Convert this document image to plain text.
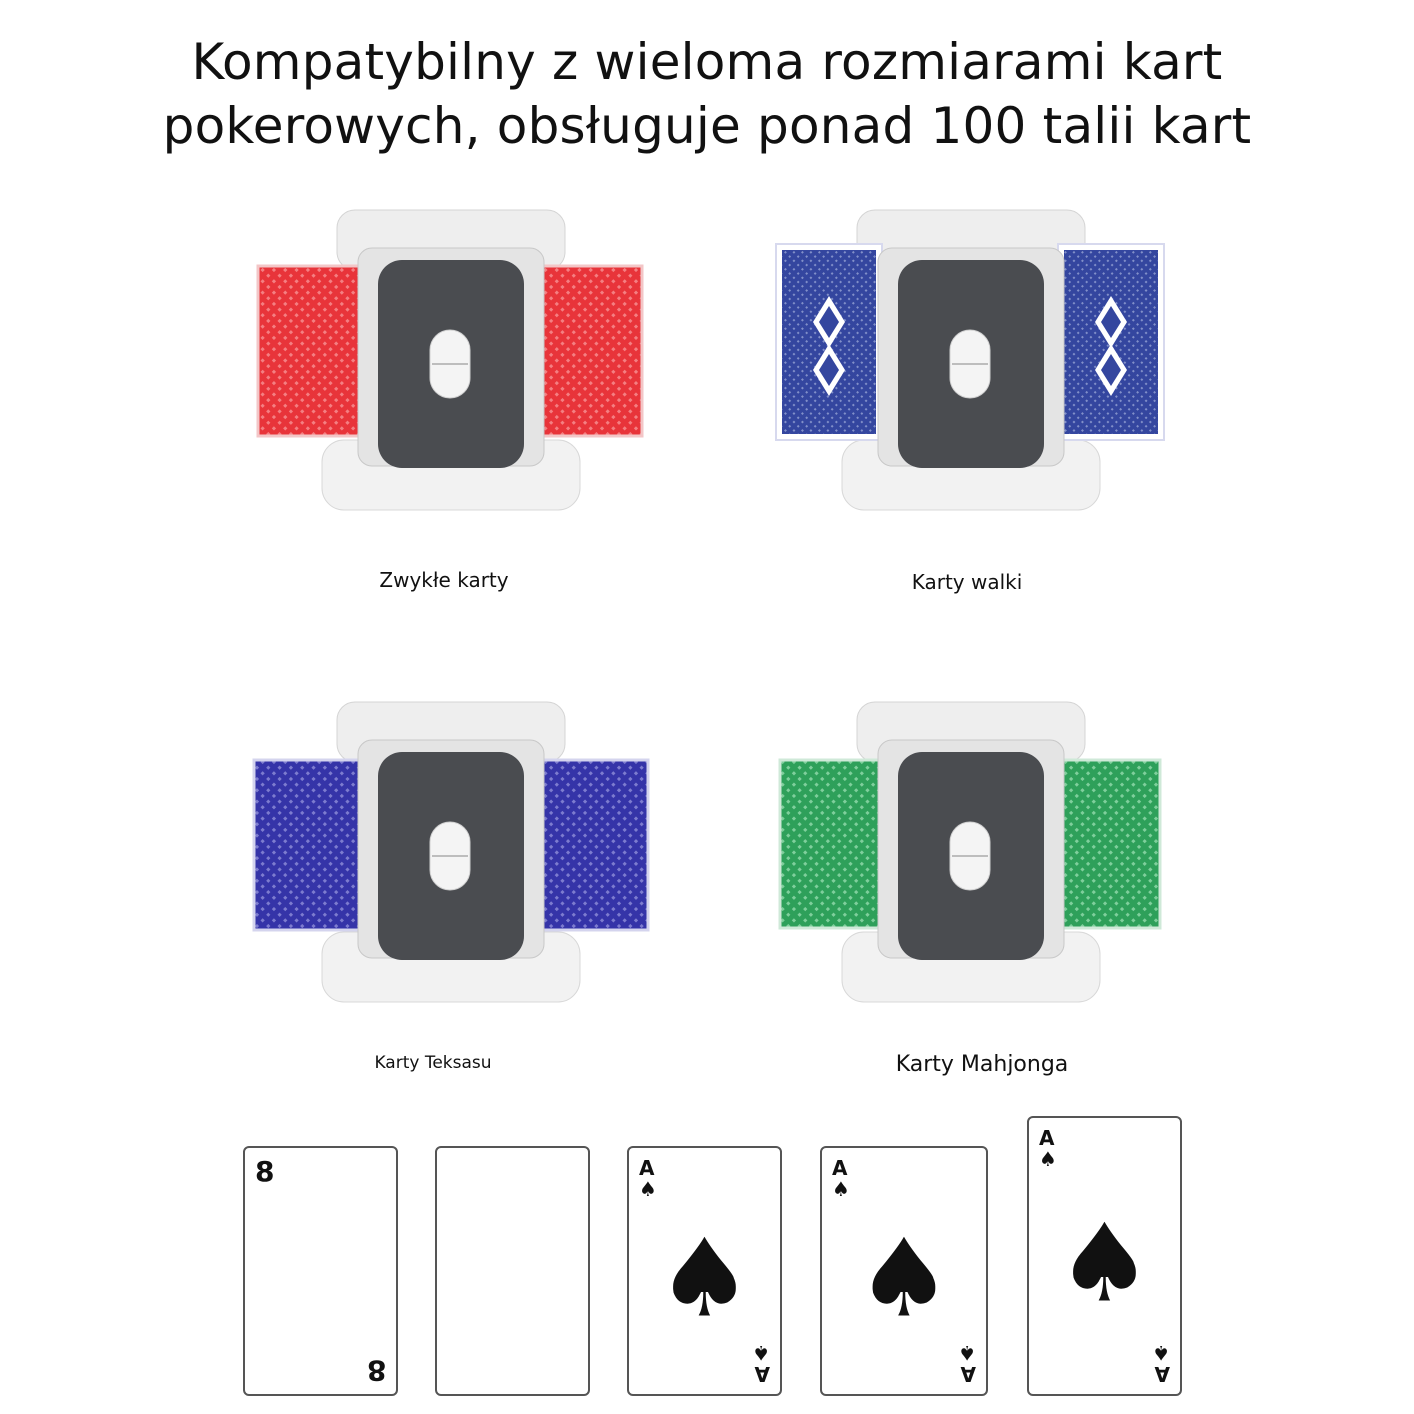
Kompatybilny z wieloma rozmiarami kart
pokerowych, obsługuje ponad 100 talii kart
Zwykłe karty	Karty walki
Karty Teksasu	Karty Mahjonga
8
8
A
♠
♠
A
♠
A
♠
♠
A
♠
A
♠
♠
A
♠
